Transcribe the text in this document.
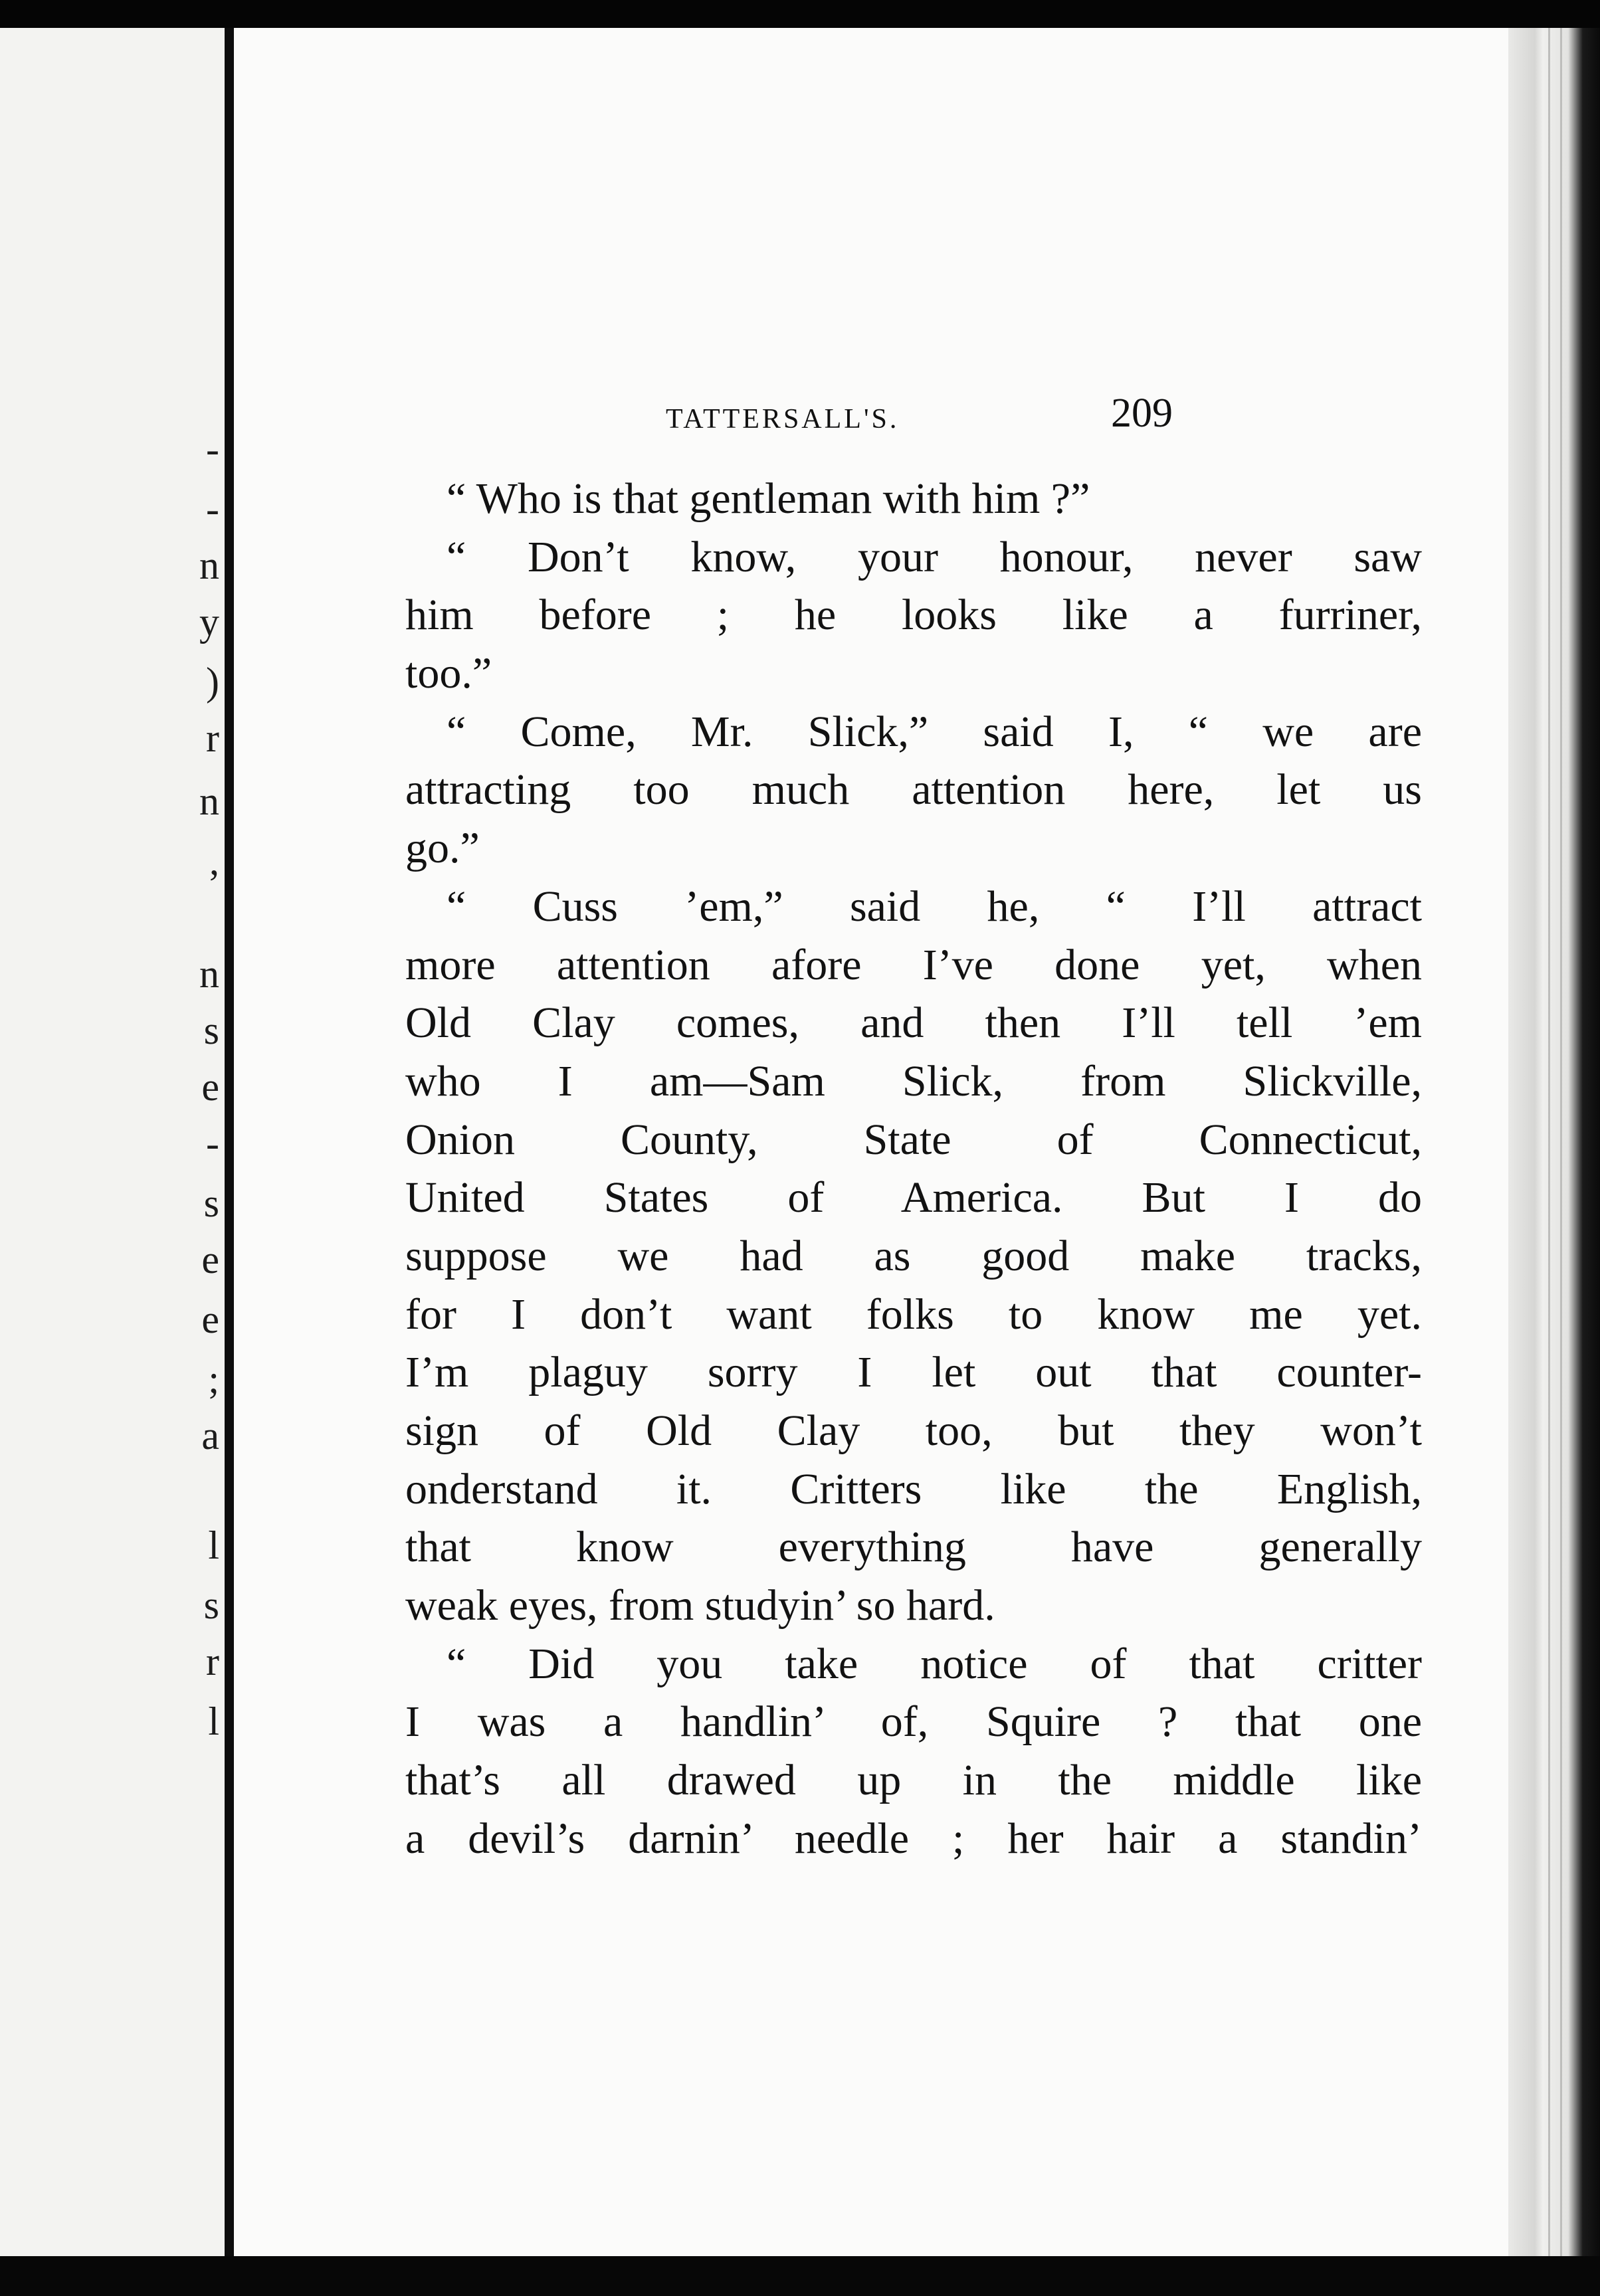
-
-
n
y
)
r
n
,
n
s
e
-
s
e
e
;
a
l
s
r
l
TATTERSALL'S.	209
“ Who is that gentleman with him ?”
“ Don’t know, your honour, never saw
him before ; he looks like a furriner,
too.”
“ Come, Mr. Slick,” said I, “ we are
attracting too much attention here, let us
go.”
“ Cuss ’em,” said he, “ I’ll attract
more attention afore I’ve done yet, when
Old Clay comes, and then I’ll tell ’em
who I am—Sam Slick, from Slickville,
Onion County, State of Connecticut,
United States of America. But I do
suppose we had as good make tracks,
for I don’t want folks to know me yet.
I’m plaguy sorry I let out that counter-
sign of Old Clay too, but they won’t
onderstand it. Critters like the English,
that know everything have generally
weak eyes, from studyin’ so hard.
“ Did you take notice of that critter
I was a handlin’ of, Squire ? that one
that’s all drawed up in the middle like
a devil’s darnin’ needle ; her hair a standin’
